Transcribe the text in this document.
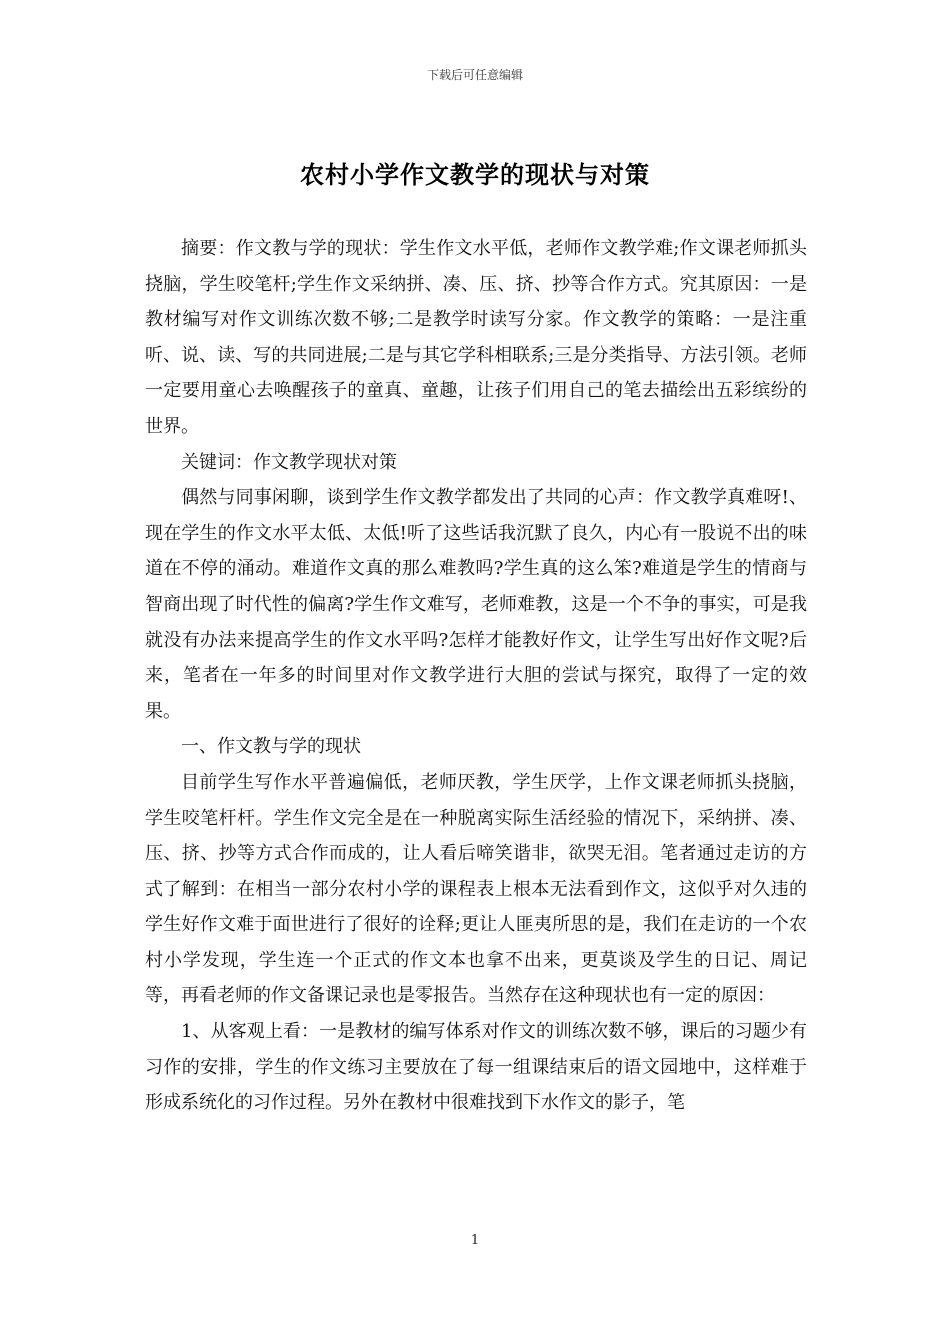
下载后可任意编辑
农村小学作文教学的现状与对策

摘要：作文教与学的现状：学生作文水平低，老师作文教学难;作文课老师抓头挠脑，学生咬笔杆;学生作文采纳拼、凑、压、挤、抄等合作方式。究其原因：一是教材编写对作文训练次数不够;二是教学时读写分家。作文教学的策略：一是注重听、说、读、写的共同进展;二是与其它学科相联系;三是分类指导、方法引领。老师一定要用童心去唤醒孩子的童真、童趣，让孩子们用自己的笔去描绘出五彩缤纷的世界。

关键词：作文教学现状对策

偶然与同事闲聊，谈到学生作文教学都发出了共同的心声：作文教学真难呀!、现在学生的作文水平太低、太低!听了这些话我沉默了良久，内心有一股说不出的味道在不停的涌动。难道作文真的那么难教吗?学生真的这么笨?难道是学生的情商与智商出现了时代性的偏离?学生作文难写，老师难教，这是一个不争的事实，可是我就没有办法来提高学生的作文水平吗?怎样才能教好作文，让学生写出好作文呢?后来，笔者在一年多的时间里对作文教学进行大胆的尝试与探究，取得了一定的效果。

一、作文教与学的现状

目前学生写作水平普遍偏低，老师厌教，学生厌学，上作文课老师抓头挠脑，学生咬笔杆杆。学生作文完全是在一种脱离实际生活经验的情况下，采纳拼、凑、压、挤、抄等方式合作而成的，让人看后啼笑谐非，欲哭无泪。笔者通过走访的方式了解到：在相当一部分农村小学的课程表上根本无法看到作文，这似乎对久违的学生好作文难于面世进行了很好的诠释;更让人匪夷所思的是，我们在走访的一个农村小学发现，学生连一个正式的作文本也拿不出来，更莫谈及学生的日记、周记等，再看老师的作文备课记录也是零报告。当然存在这种现状也有一定的原因：

1、从客观上看：一是教材的编写体系对作文的训练次数不够，课后的习题少有习作的安排，学生的作文练习主要放在了每一组课结束后的语文园地中，这样难于形成系统化的习作过程。另外在教材中很难找到下水作文的影子，笔

1
